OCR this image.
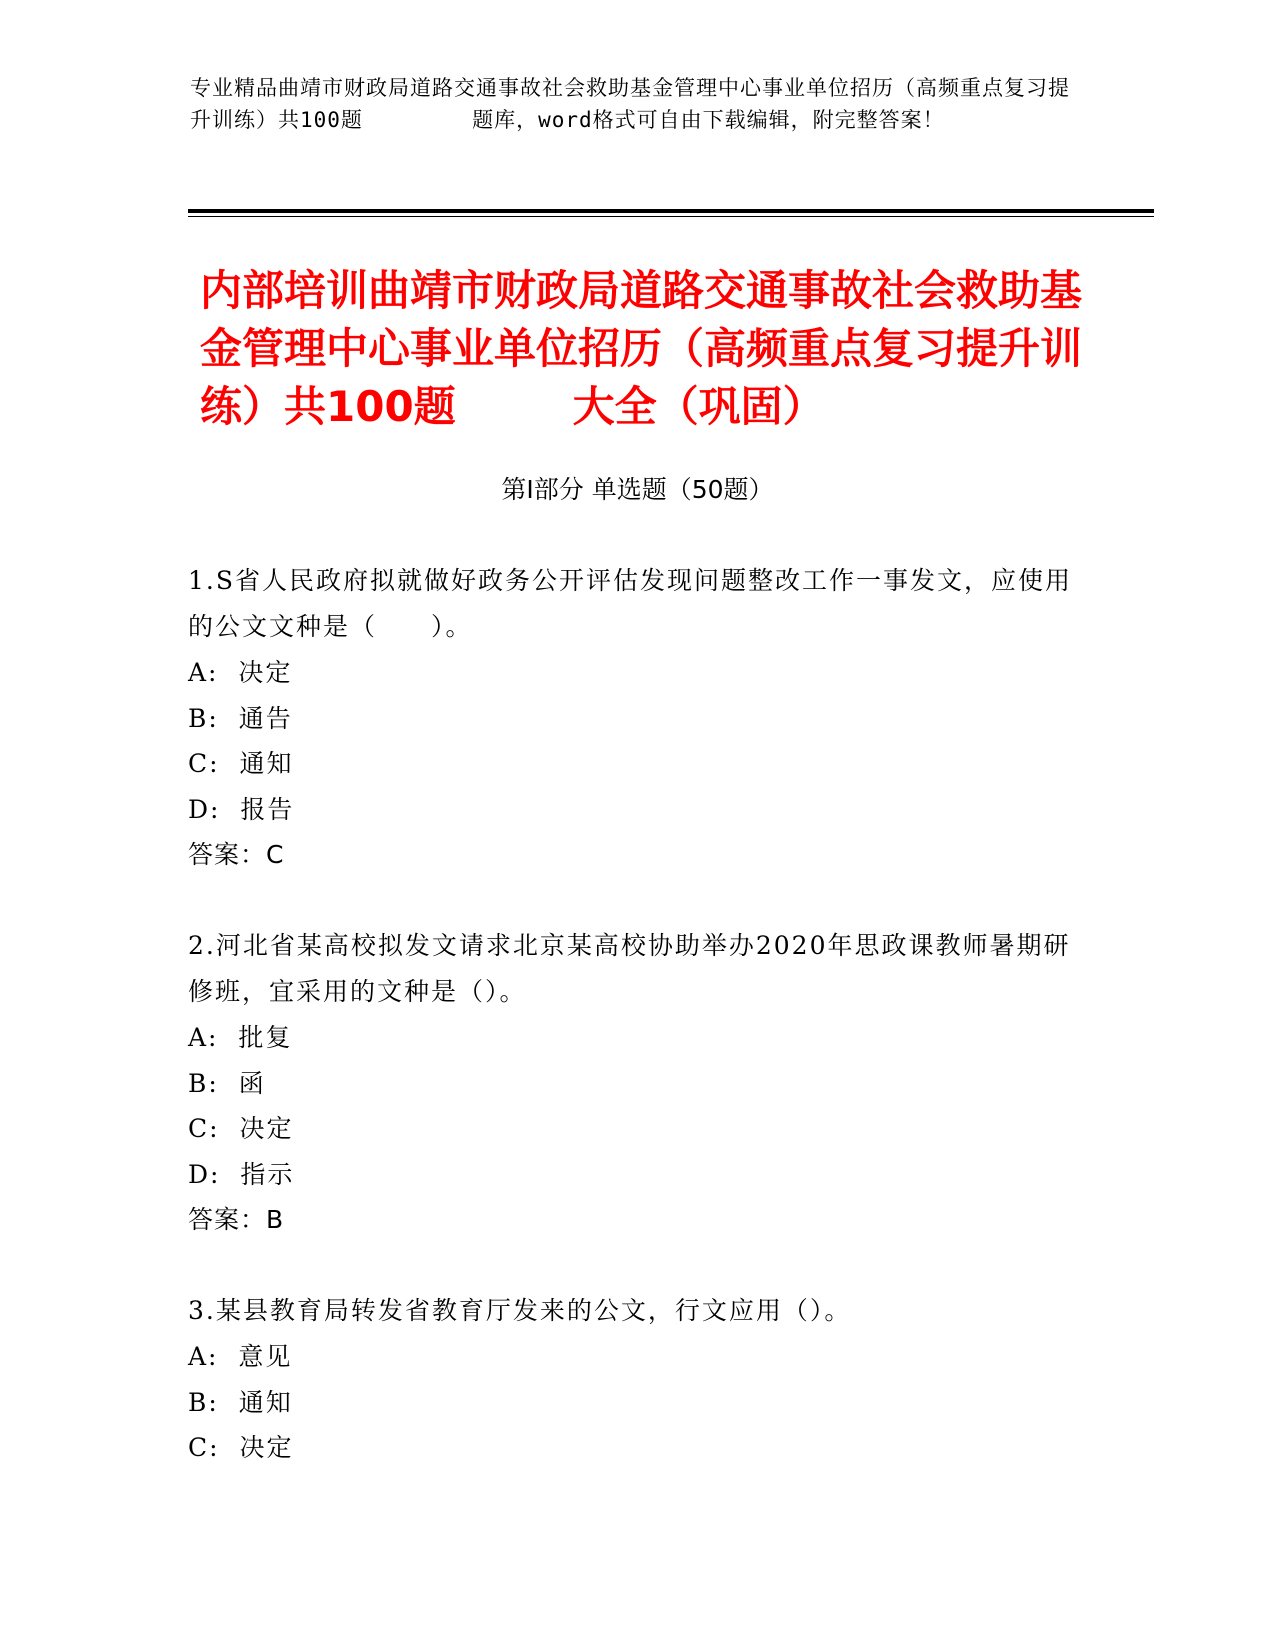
专业精品曲靖市财政局道路交通事故社会救助基金管理中心事业单位招历（高频重点复习提升训练）共100题        题库，word格式可自由下载编辑，附完整答案！
内部培训曲靖市财政局道路交通事故社会救助基金管理中心事业单位招历（高频重点复习提升训练）共100题        大全（巩固）
第Ⅰ部分 单选题（50题）

1.S省人民政府拟就做好政务公开评估发现问题整改工作一事发文，应使用的公文文种是（　　）。

A:  决定

B:  通告

C:  通知

D:  报告

答案：C

2.河北省某高校拟发文请求北京某高校协助举办2020年思政课教师暑期研修班，宜采用的文种是（）。

A:  批复

B:  函

C:  决定

D:  指示

答案：B

3.某县教育局转发省教育厅发来的公文，行文应用（）。

A:  意见

B:  通知

C:  决定
